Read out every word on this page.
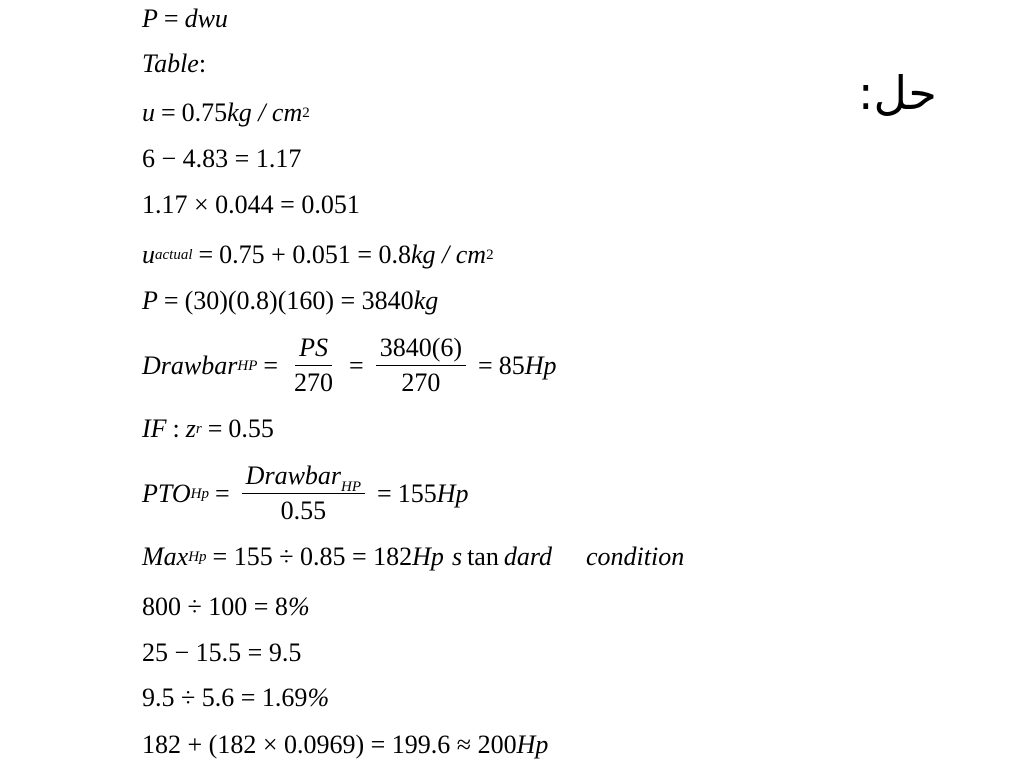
حل:
P = dwu
Table :
u = 0.75 kg / cm 2
6 − 4.83 = 1.17
1.17 × 0.044 = 0.051
u actual = 0.75 + 0.051 = 0.8 kg / cm 2
P = (30)(0.8)(160) = 3840 kg
Drawbar HP = $\frac{PS}{270} = \frac{3840(6)}{270} = 85$ Hp
IF : z r = 0.55
PTO $Hp = \frac{Drawbar_{HP}}{0.55} = 155$ Hp
Max Hp = 155 ÷ 0.85 = 182 Hp s tan dard condition
800 ÷ 100 = 8 %
25 − 15.5 = 9.5
9.5 ÷ 5.6 = 1.69 %
182 + (182 × 0.0969) = 199.6 ≈ 200 Hp
